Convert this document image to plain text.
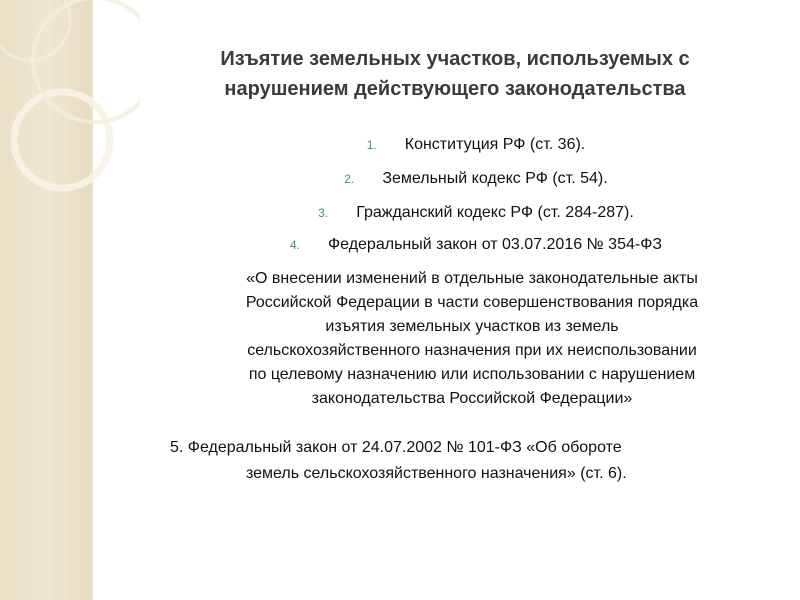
Изъятие земельных участков, используемых с
нарушением действующего законодательства
1. Конституция РФ (ст. 36).
2. Земельный кодекс РФ (ст. 54).
3. Гражданский кодекс РФ (ст. 284-287).
4. Федеральный закон от 03.07.2016 № 354-ФЗ
«О внесении изменений в отдельные законодательные акты
Российской Федерации в части совершенствования порядка
изъятия земельных участков из земель
сельскохозяйственного назначения при их неиспользовании
по целевому назначению или использовании с нарушением
законодательства Российской Федерации»
5. Федеральный закон от 24.07.2002 № 101-ФЗ «Об обороте
земель сельскохозяйственного назначения» (ст. 6).
